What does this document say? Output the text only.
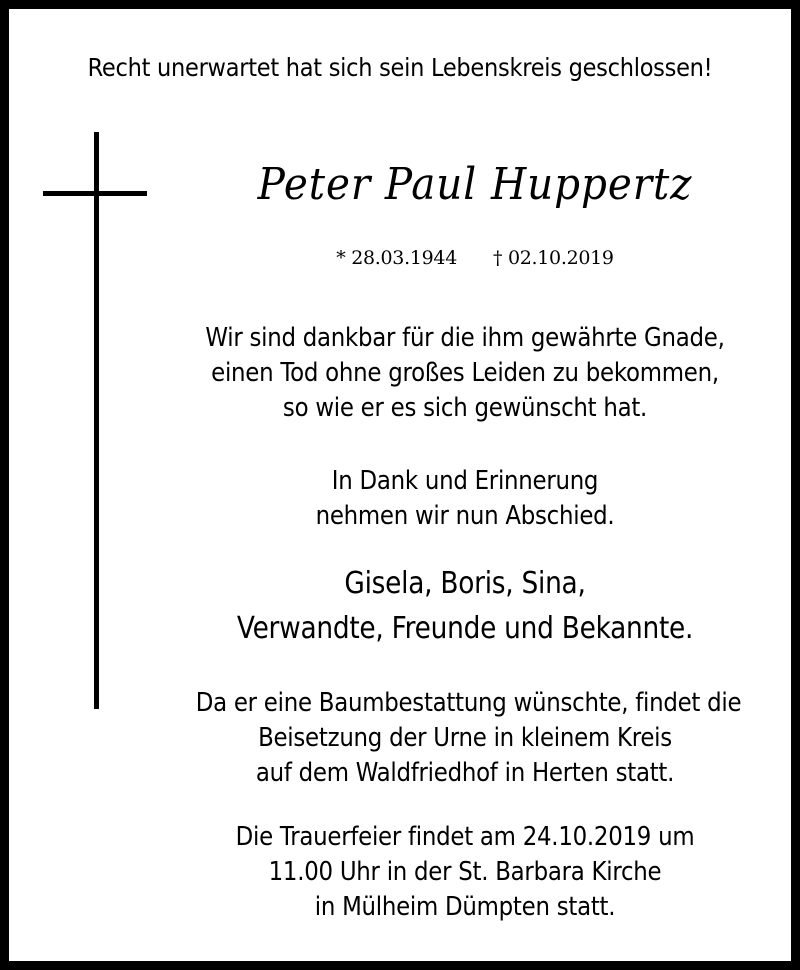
Recht unerwartet hat sich sein Lebenskreis geschlossen!
Peter Paul Huppertz
* 28.03.1944 † 02.10.2019
Wir sind dankbar für die ihm gewährte Gnade,
einen Tod ohne großes Leiden zu bekommen,
so wie er es sich gewünscht hat.
In Dank und Erinnerung
nehmen wir nun Abschied.
Gisela, Boris, Sina,
Verwandte, Freunde und Bekannte.
Da er eine Baumbestattung wünschte, findet die
Beisetzung der Urne in kleinem Kreis
auf dem Waldfriedhof in Herten statt.
Die Trauerfeier findet am 24.10.2019 um
11.00 Uhr in der St. Barbara Kirche
in Mülheim Dümpten statt.
